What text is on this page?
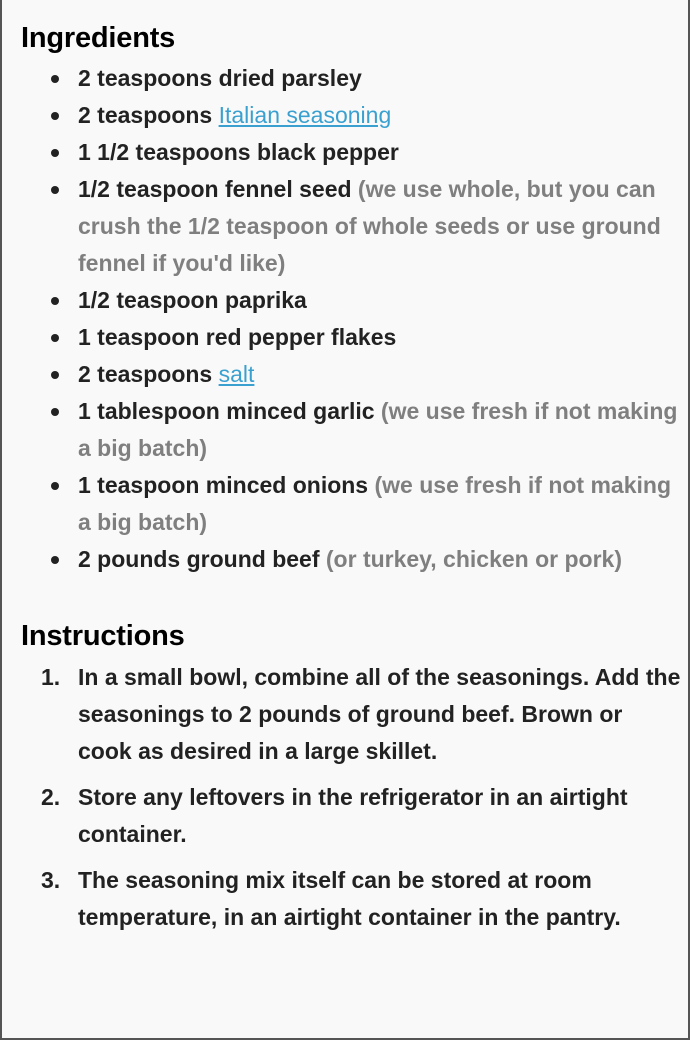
Ingredients
2 teaspoons dried parsley
2 teaspoons Italian seasoning
1 1/2 teaspoons black pepper
1/2 teaspoon fennel seed (we use whole, but you can crush the 1/2 teaspoon of whole seeds or use ground fennel if you'd like)
1/2 teaspoon paprika
1 teaspoon red pepper flakes
2 teaspoons salt
1 tablespoon minced garlic (we use fresh if not making a big batch)
1 teaspoon minced onions (we use fresh if not making a big batch)
2 pounds ground beef (or turkey, chicken or pork)
Instructions
1. In a small bowl, combine all of the seasonings. Add the seasonings to 2 pounds of ground beef. Brown or cook as desired in a large skillet.
2. Store any leftovers in the refrigerator in an airtight container.
3. The seasoning mix itself can be stored at room temperature, in an airtight container in the pantry.
